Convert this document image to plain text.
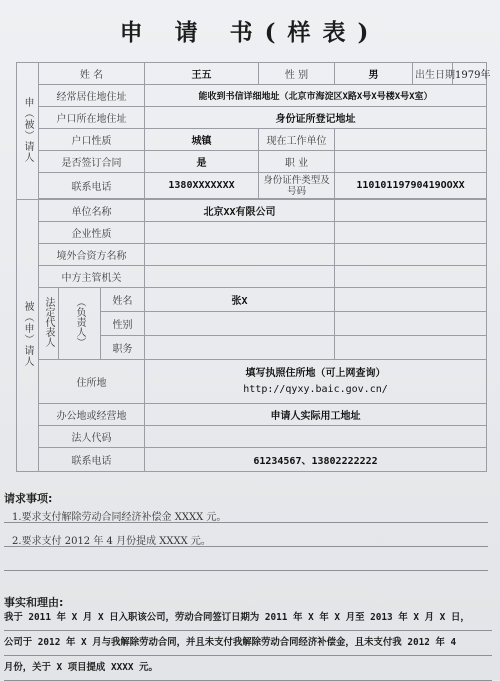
申 请 书(样表)
申（被）请人	姓 名			王五	性 别	男	出生日期	1979年
	经常居住地住址			能收到书信详细地址（北京市海淀区X路X号X号楼X号X室）				
	户口所在地住址			身份证所登记地址				
	户口性质			城镇	现在工作单位			
	是否签订合同			是	职 业			
	联系电话			1380XXXXXXX	身份证件类型及号码	11010119790419OOXX		

被（申）请人	单位名称			北京XX有限公司				
	企业性质							
	境外合资方名称							
	中方主管机关							
	法定代表人	（负责人）	姓名	张X				
			性别					
			职务					
	住所地			填写执照住所地（可上网查询）
http://qyxy.baic.gov.cn/				

	办公地或经营地			申请人实际用工地址				
	法人代码							
	联系电话			61234567、13802222222				
请求事项:
1.要求支付解除劳动合同经济补偿金 XXXX 元。
2.要求支付 2012 年 4 月份提成 XXXX 元。
事实和理由:
我于 2011 年 X 月 X 日入职该公司，劳动合同签订日期为 2011 年 X 年 X 月至 2013 年 X 月 X 日，
公司于 2012 年 X 月与我解除劳动合同，并且未支付我解除劳动合同经济补偿金，且未支付我 2012 年 4
月份，关于 X 项目提成 XXXX 元。
